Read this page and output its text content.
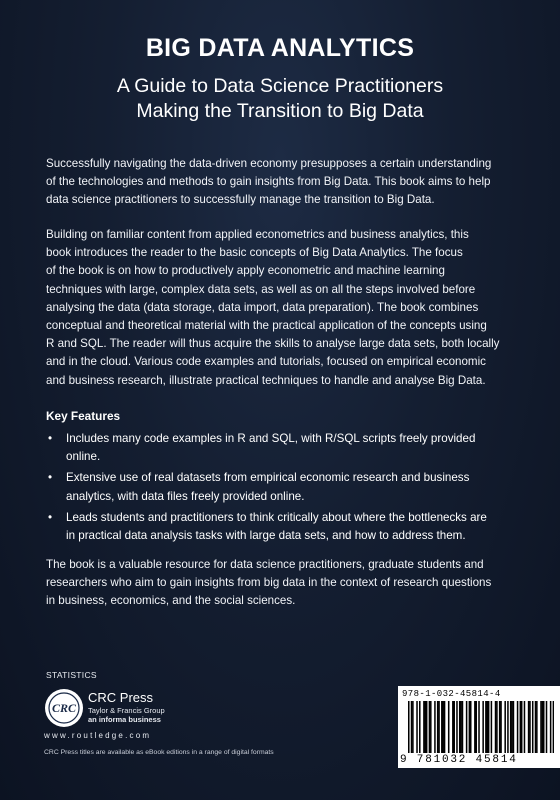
BIG DATA ANALYTICS
A Guide to Data Science Practitioners
Making the Transition to Big Data
Successfully navigating the data-driven economy presupposes a certain understanding
of the technologies and methods to gain insights from Big Data. This book aims to help
data science practitioners to successfully manage the transition to Big Data.
Building on familiar content from applied econometrics and business analytics, this
book introduces the reader to the basic concepts of Big Data Analytics. The focus
of the book is on how to productively apply econometric and machine learning
techniques with large, complex data sets, as well as on all the steps involved before
analysing the data (data storage, data import, data preparation). The book combines
conceptual and theoretical material with the practical application of the concepts using
R and SQL. The reader will thus acquire the skills to analyse large data sets, both locally
and in the cloud. Various code examples and tutorials, focused on empirical economic
and business research, illustrate practical techniques to handle and analyse Big Data.
Key Features
• Includes many code examples in R and SQL, with R/SQL scripts freely provided
online.
• Extensive use of real datasets from empirical economic research and business
analytics, with data files freely provided online.
• Leads students and practitioners to think critically about where the bottlenecks are
in practical data analysis tasks with large data sets, and how to address them.
The book is a valuable resource for data science practitioners, graduate students and
researchers who aim to gain insights from big data in the context of research questions
in business, economics, and the social sciences.
STATISTICS
CRC
CRC Press
Taylor & Francis Group
an informa business
www.routledge.com
CRC Press titles are available as eBook editions in a range of digital formats
978-1-032-45814-4
9 781032 45814
